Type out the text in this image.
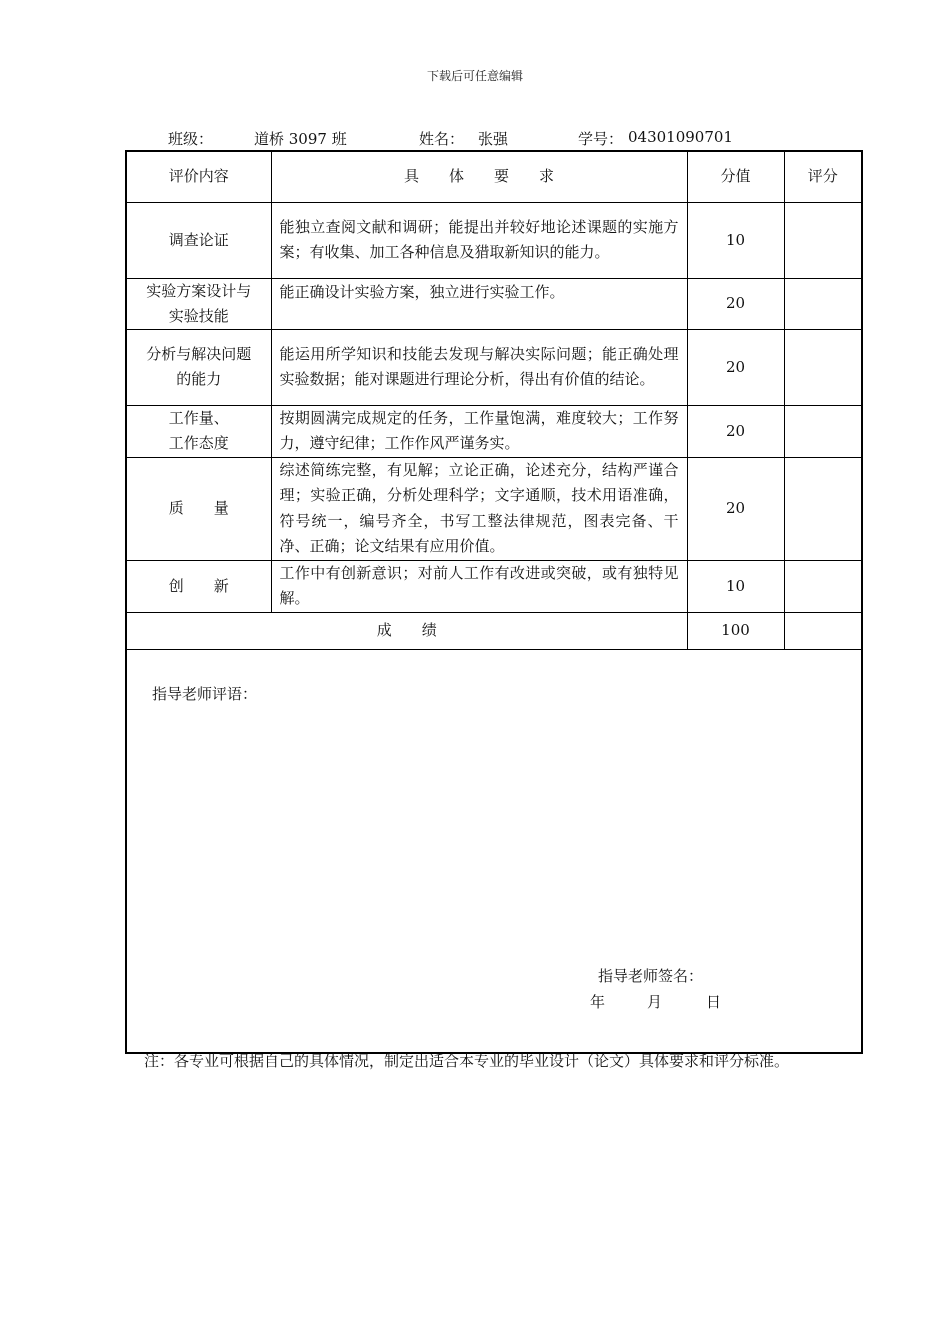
下载后可任意编辑
班级：	道桥 3097 班	姓名： 张强	学号： 04301090701
评价内容	具　　体　　要　　求	分值	评分

调查论证	能独立查阅文献和调研；能提出并较好地论述课题的实施方案；有收集、加工各种信息及猎取新知识的能力。	10	

实验方案设计与
实验技能	能正确设计实验方案，独立进行实验工作。	20	

分析与解决问题
的能力	能运用所学知识和技能去发现与解决实际问题；能正确处理实验数据；能对课题进行理论分析，得出有价值的结论。	20	

工作量、
工作态度	按期圆满完成规定的任务，工作量饱满，难度较大；工作努力，遵守纪律；工作作风严谨务实。	20	

质　　量	综述简练完整，有见解；立论正确，论述充分，结构严谨合理；实验正确，分析处理科学；文字通顺，技术用语准确，符号统一，编号齐全，书写工整法律规范，图表完备、干净、正确；论文结果有应用价值。	20	

创　　新	工作中有创新意识；对前人工作有改进或突破，或有独特见解。	10	
成　　绩		100	

指导老师评语：
指导老师签名：
年 月 日			
注：各专业可根据自己的具体情况，制定出适合本专业的毕业设计（论文）具体要求和评分标准。
